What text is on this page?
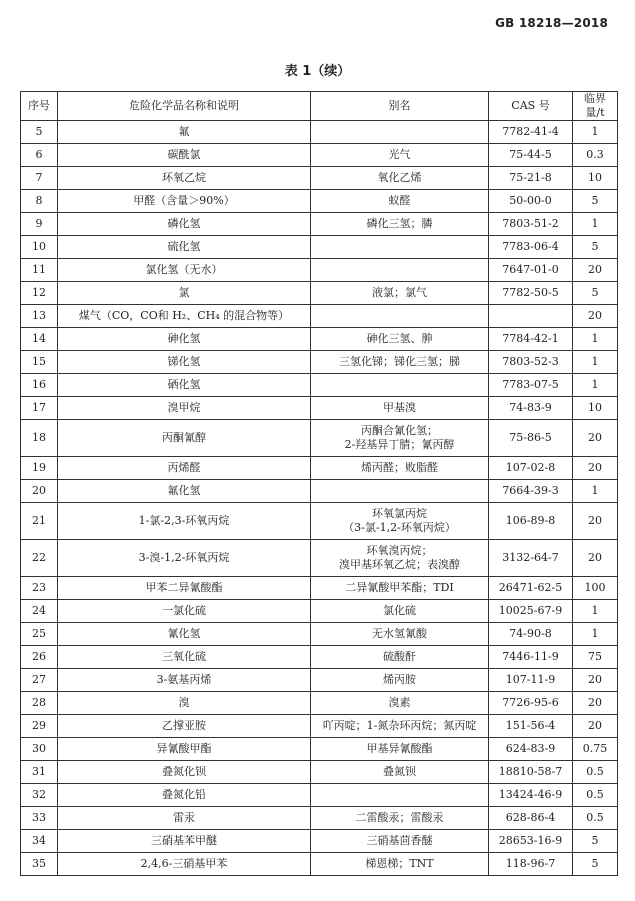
GB 18218—2018
表 1（续）
序号	危险化学品名称和说明	别名	CAS 号	临界量/t
5	氟		7782-41-4	1
6	碳酰氯	光气	75-44-5	0.3
7	环氧乙烷	氧化乙烯	75-21-8	10
8	甲醛（含量＞90%）	蚁醛	50-00-0	5
9	磷化氢	磷化三氢；膦	7803-51-2	1
10	硫化氢		7783-06-4	5
11	氯化氢（无水）		7647-01-0	20
12	氯	液氯；氯气	7782-50-5	5
13	煤气（CO，CO和 H₂、CH₄ 的混合物等）			20
14	砷化氢	砷化三氢、胂	7784-42-1	1
15	锑化氢	三氢化锑；锑化三氢；䏲	7803-52-3	1
16	硒化氢		7783-07-5	1
17	溴甲烷	甲基溴	74-83-9	10
18	丙酮氰醇	丙酮合氰化氢；
2-羟基异丁腈；氰丙醇	75-86-5	20
19	丙烯醛	烯丙醛；败脂醛	107-02-8	20
20	氟化氢		7664-39-3	1
21	1-氯-2,3-环氧丙烷	环氧氯丙烷
（3-氯-1,2-环氧丙烷）	106-89-8	20
22	3-溴-1,2-环氧丙烷	环氧溴丙烷；
溴甲基环氧乙烷；表溴醇	3132-64-7	20
23	甲苯二异氰酸酯	二异氰酸甲苯酯；TDI	26471-62-5	100
24	一氯化硫	氯化硫	10025-67-9	1
25	氰化氢	无水氢氰酸	74-90-8	1
26	三氧化硫	硫酸酐	7446-11-9	75
27	3-氨基丙烯	烯丙胺	107-11-9	20
28	溴	溴素	7726-95-6	20
29	乙撑亚胺	吖丙啶；1-氮杂环丙烷；氮丙啶	151-56-4	20
30	异氰酸甲酯	甲基异氰酸酯	624-83-9	0.75
31	叠氮化钡	叠氮钡	18810-58-7	0.5
32	叠氮化铅		13424-46-9	0.5
33	雷汞	二雷酸汞；雷酸汞	628-86-4	0.5
34	三硝基苯甲醚	三硝基茴香醚	28653-16-9	5
35	2,4,6-三硝基甲苯	梯恩梯；TNT	118-96-7	5
